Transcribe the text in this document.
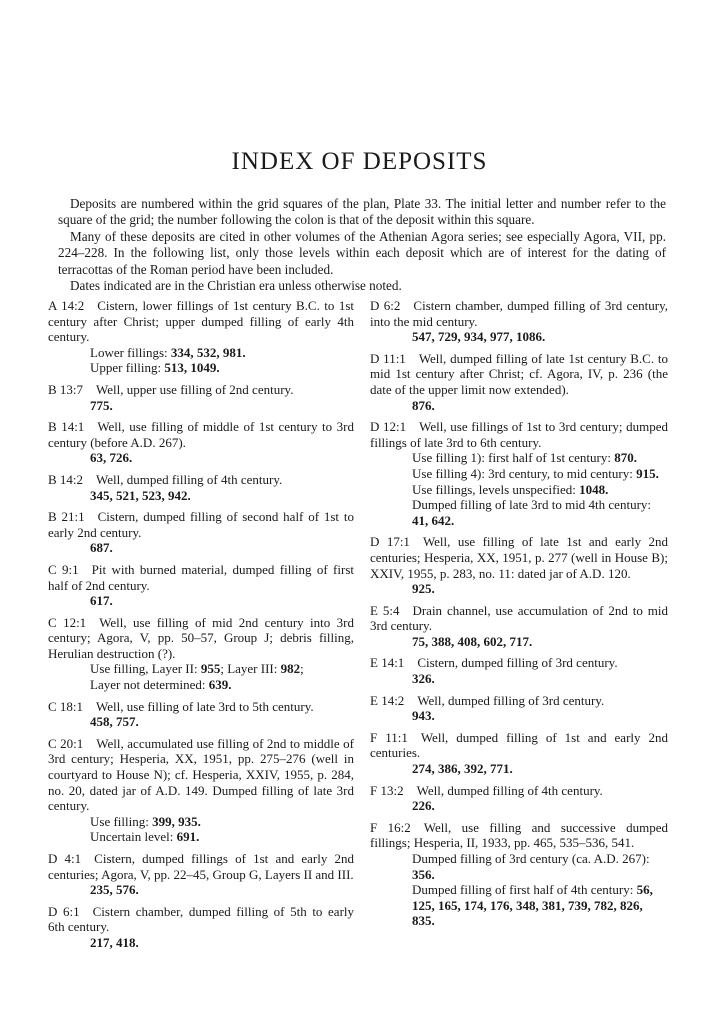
INDEX OF DEPOSITS

Deposits are numbered within the grid squares of the plan, Plate 33. The initial letter and number refer to the square of the grid; the number following the colon is that of the deposit within this square.

Many of these deposits are cited in other volumes of the Athenian Agora series; see especially Agora, VII, pp. 224–228. In the following list, only those levels within each deposit which are of interest for the dating of terracottas of the Roman period have been included.

Dates indicated are in the Christian era unless otherwise noted.

A 14:2  Cistern, lower fillings of 1st century B.C. to 1st century after Christ; upper dumped filling of early 4th century.
Lower fillings: 334, 532, 981.
Upper filling: 513, 1049.
B 13:7  Well, upper use filling of 2nd century.
775.
B 14:1  Well, use filling of middle of 1st century to 3rd century (before A.D. 267).
63, 726.
B 14:2  Well, dumped filling of 4th century.
345, 521, 523, 942.
B 21:1  Cistern, dumped filling of second half of 1st to early 2nd century.
687.
C 9:1  Pit with burned material, dumped filling of first half of 2nd century.
617.
C 12:1  Well, use filling of mid 2nd century into 3rd century; Agora, V, pp. 50–57, Group J; debris filling, Herulian destruction (?).
Use filling, Layer II: 955; Layer III: 982;
Layer not determined: 639.
C 18:1  Well, use filling of late 3rd to 5th century.
458, 757.
C 20:1  Well, accumulated use filling of 2nd to middle of 3rd century; Hesperia, XX, 1951, pp. 275–276 (well in courtyard to House N); cf. Hesperia, XXIV, 1955, p. 284, no. 20, dated jar of A.D. 149. Dumped filling of late 3rd century.
Use filling: 399, 935.
Uncertain level: 691.
D 4:1  Cistern, dumped fillings of 1st and early 2nd centuries; Agora, V, pp. 22–45, Group G, Layers II and III.
235, 576.
D 6:1  Cistern chamber, dumped filling of 5th to early 6th century.
217, 418.
D 6:2  Cistern chamber, dumped filling of 3rd century, into the mid century.
547, 729, 934, 977, 1086.
D 11:1  Well, dumped filling of late 1st century B.C. to mid 1st century after Christ; cf. Agora, IV, p. 236 (the date of the upper limit now extended).
876.
D 12:1  Well, use fillings of 1st to 3rd century; dumped fillings of late 3rd to 6th century.
Use filling 1): first half of 1st century: 870.
Use filling 4): 3rd century, to mid century: 915.
Use fillings, levels unspecified: 1048.
Dumped filling of late 3rd to mid 4th century: 41, 642.
D 17:1  Well, use filling of late 1st and early 2nd centuries; Hesperia, XX, 1951, p. 277 (well in House B); XXIV, 1955, p. 283, no. 11: dated jar of A.D. 120.
925.
E 5:4  Drain channel, use accumulation of 2nd to mid 3rd century.
75, 388, 408, 602, 717.
E 14:1  Cistern, dumped filling of 3rd century.
326.
E 14:2  Well, dumped filling of 3rd century.
943.
F 11:1  Well, dumped filling of 1st and early 2nd centuries.
274, 386, 392, 771.
F 13:2  Well, dumped filling of 4th century.
226.
F 16:2  Well, use filling and successive dumped fillings; Hesperia, II, 1933, pp. 465, 535–536, 541.
Dumped filling of 3rd century (ca. A.D. 267): 356.
Dumped filling of first half of 4th century: 56, 125, 165, 174, 176, 348, 381, 739, 782, 826, 835.
